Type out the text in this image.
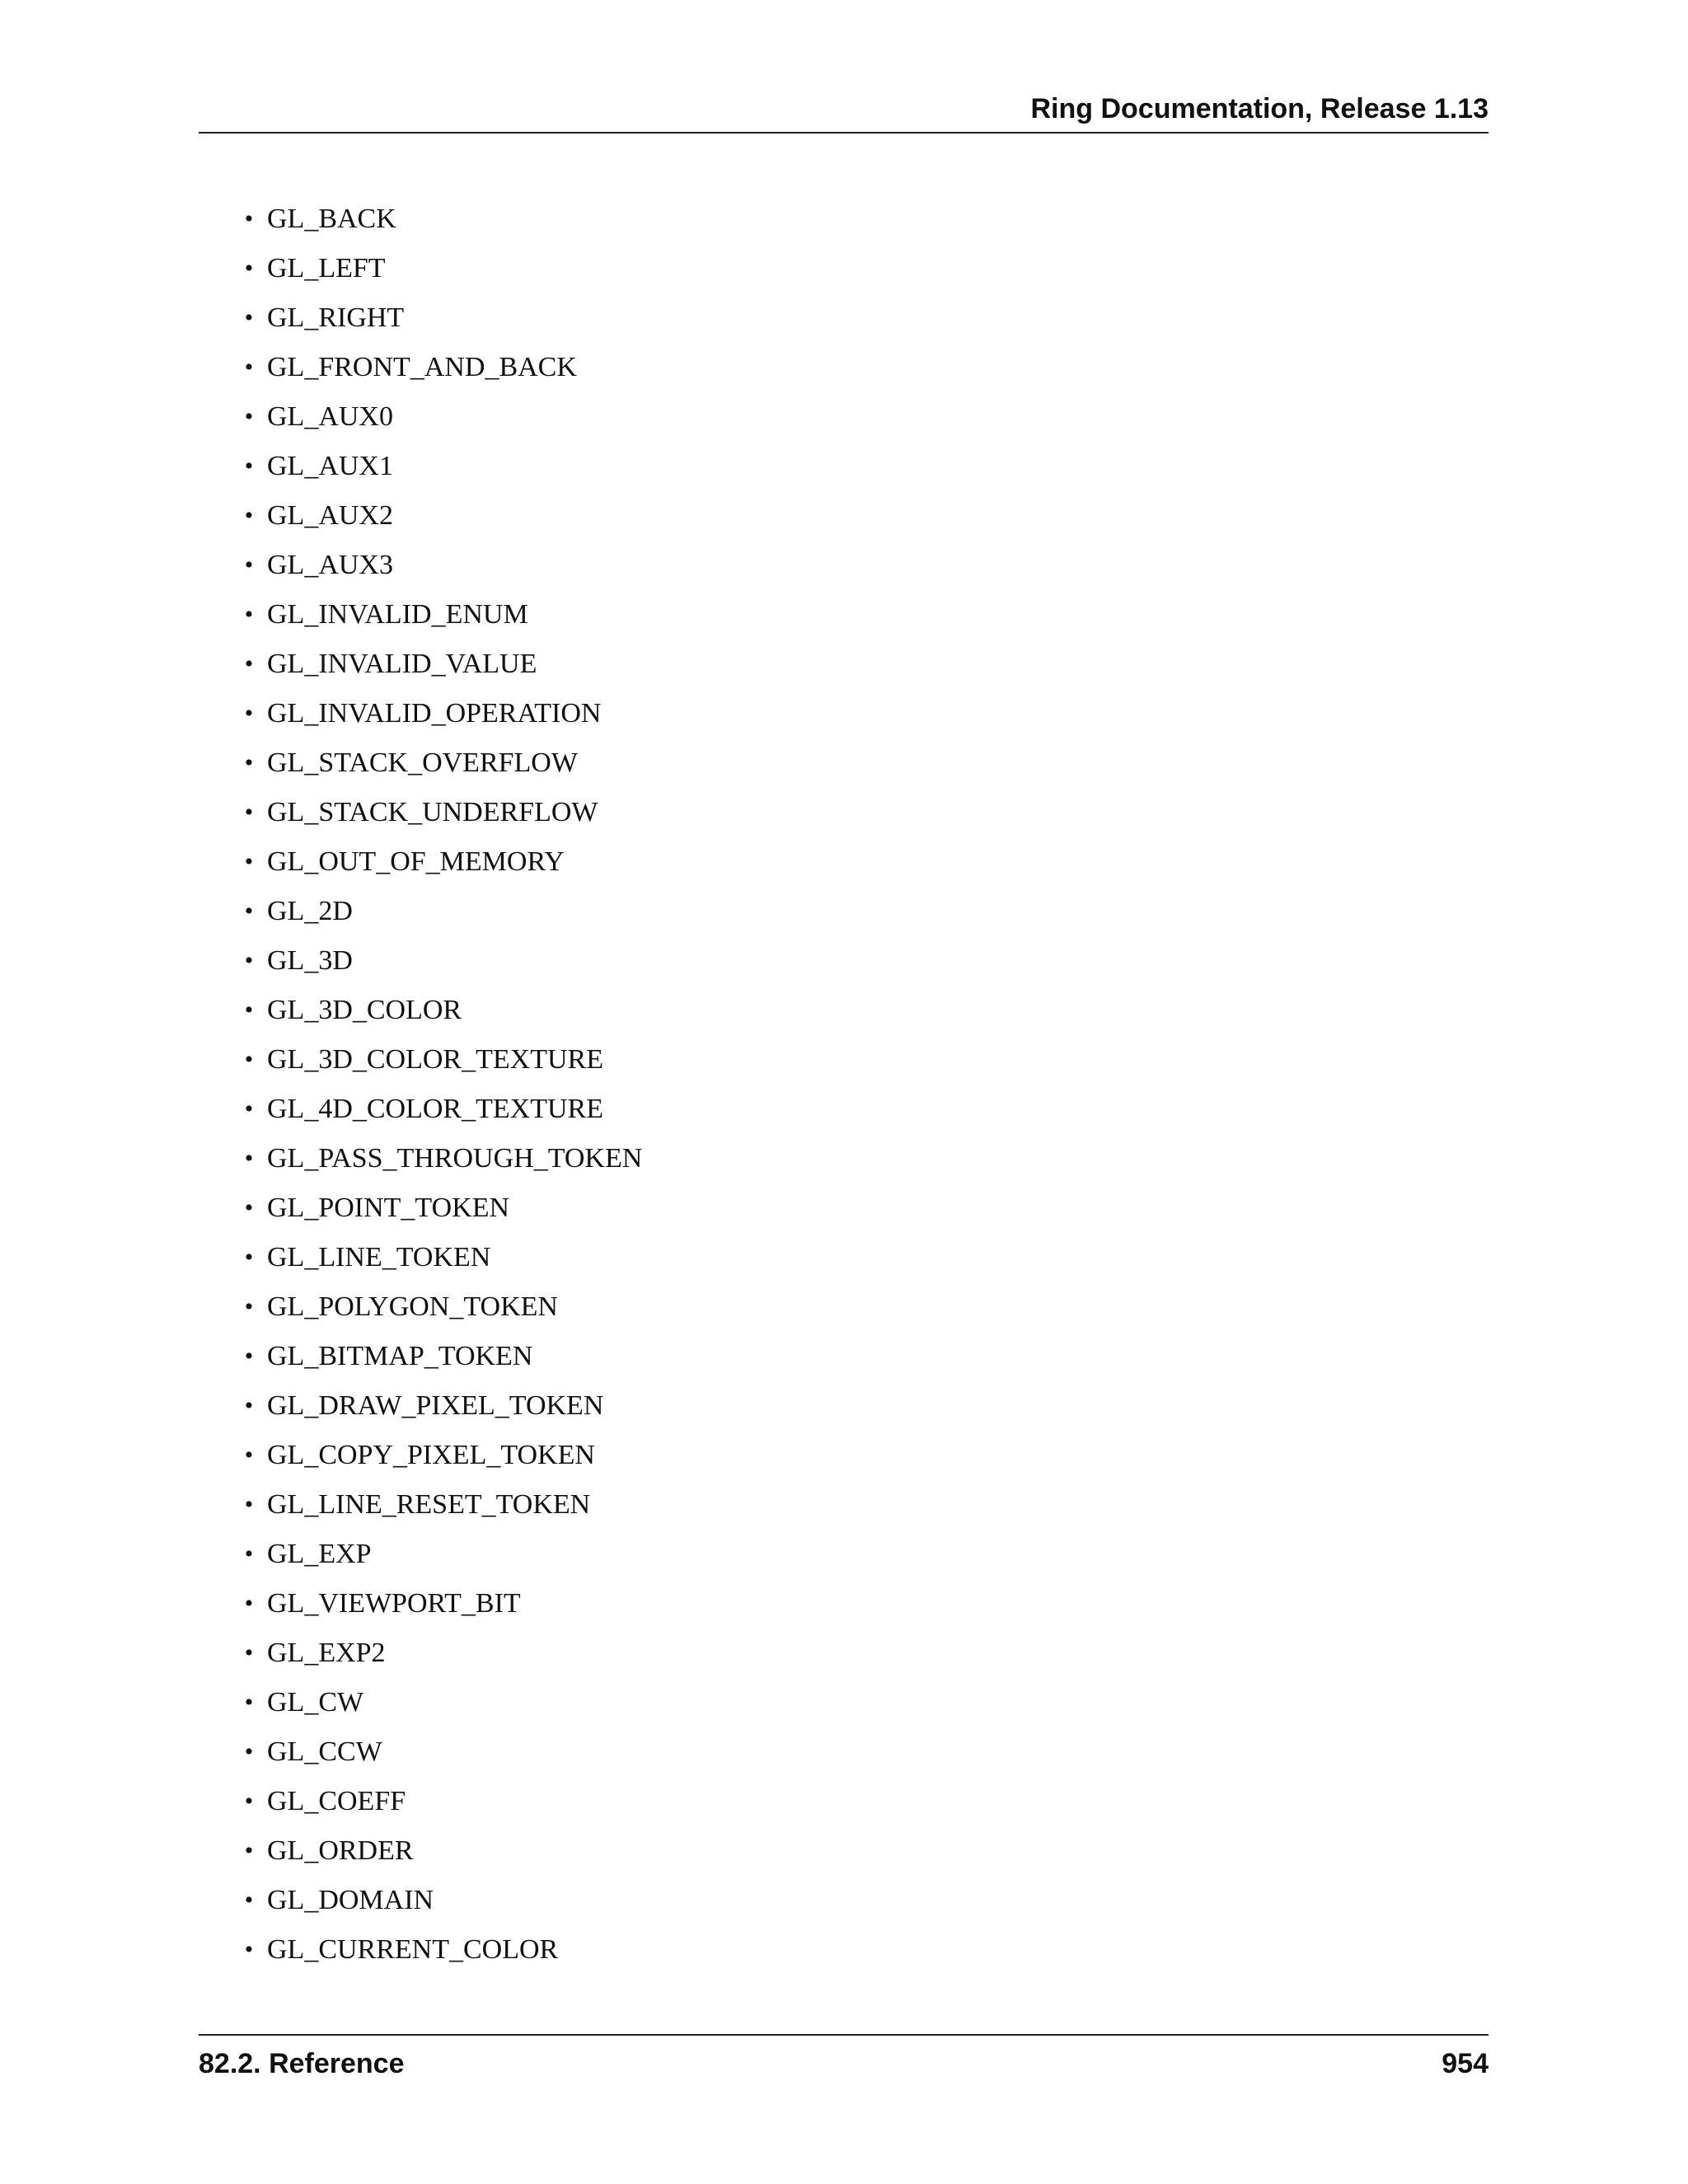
Ring Documentation, Release 1.13
• GL_BACK
• GL_LEFT
• GL_RIGHT
• GL_FRONT_AND_BACK
• GL_AUX0
• GL_AUX1
• GL_AUX2
• GL_AUX3
• GL_INVALID_ENUM
• GL_INVALID_VALUE
• GL_INVALID_OPERATION
• GL_STACK_OVERFLOW
• GL_STACK_UNDERFLOW
• GL_OUT_OF_MEMORY
• GL_2D
• GL_3D
• GL_3D_COLOR
• GL_3D_COLOR_TEXTURE
• GL_4D_COLOR_TEXTURE
• GL_PASS_THROUGH_TOKEN
• GL_POINT_TOKEN
• GL_LINE_TOKEN
• GL_POLYGON_TOKEN
• GL_BITMAP_TOKEN
• GL_DRAW_PIXEL_TOKEN
• GL_COPY_PIXEL_TOKEN
• GL_LINE_RESET_TOKEN
• GL_EXP
• GL_VIEWPORT_BIT
• GL_EXP2
• GL_CW
• GL_CCW
• GL_COEFF
• GL_ORDER
• GL_DOMAIN
• GL_CURRENT_COLOR
82.2. Reference	954
